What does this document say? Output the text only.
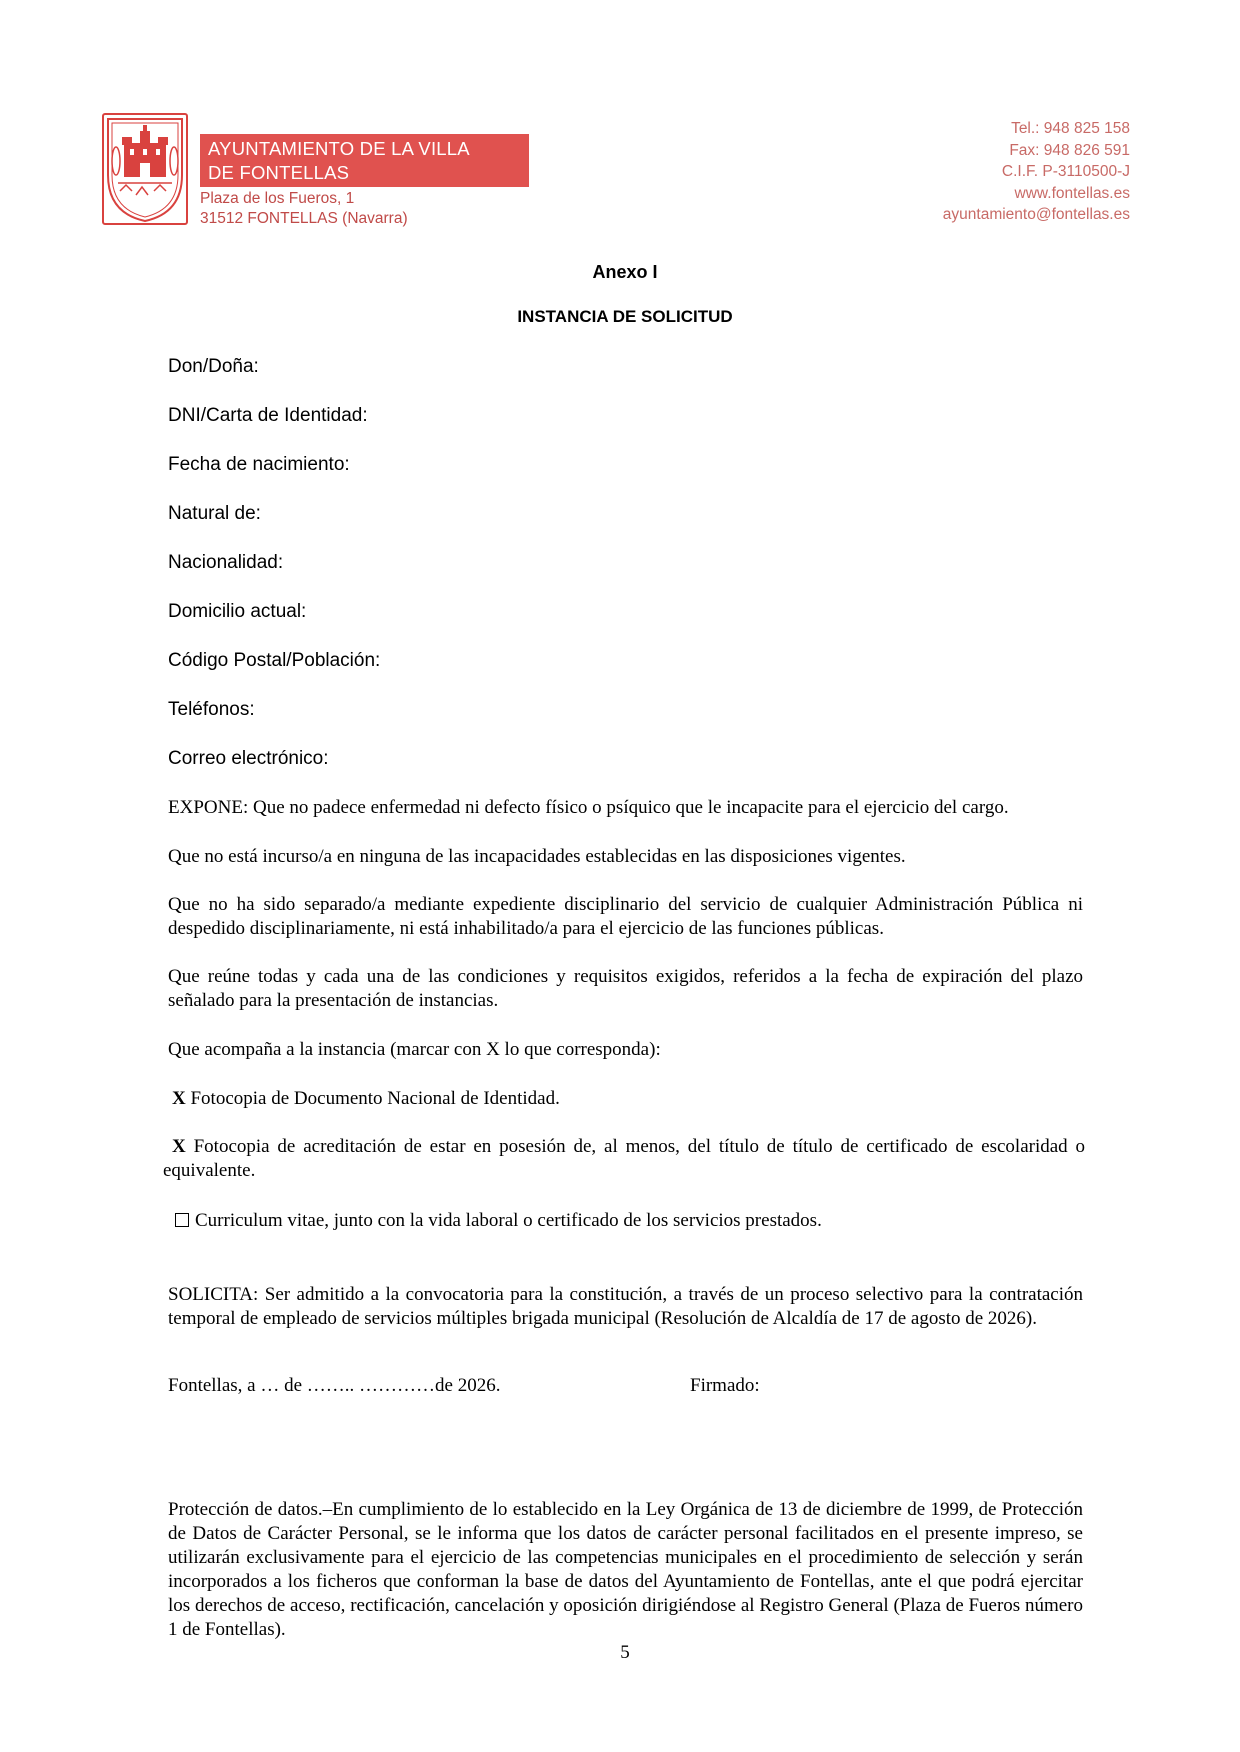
AYUNTAMIENTO DE LA VILLA
DE FONTELLAS
Plaza de los Fueros, 1
31512 FONTELLAS (Navarra)
Tel.: 948 825 158
Fax: 948 826 591
C.I.F. P-3110500-J
www.fontellas.es
ayuntamiento@fontellas.es
Anexo I
INSTANCIA DE SOLICITUD
Don/Doña:
DNI/Carta de Identidad:
Fecha de nacimiento:
Natural de:
Nacionalidad:
Domicilio actual:
Código Postal/Población:
Teléfonos:
Correo electrónico:
EXPONE: Que no padece enfermedad ni defecto físico o psíquico que le incapacite para el ejercicio del cargo.
Que no está incurso/a en ninguna de las incapacidades establecidas en las disposiciones vigentes.
Que no ha sido separado/a mediante expediente disciplinario del servicio de cualquier Administración Pública ni despedido disciplinariamente, ni está inhabilitado/a para el ejercicio de las funciones públicas.
Que reúne todas y cada una de las condiciones y requisitos exigidos, referidos a la fecha de expiración del plazo señalado para la presentación de instancias.
Que acompaña a la instancia (marcar con X lo que corresponda):
X Fotocopia de Documento Nacional de Identidad.
X Fotocopia de acreditación de estar en posesión de, al menos, del título de título de certificado de escolaridad o equivalente.
Curriculum vitae, junto con la vida laboral o certificado de los servicios prestados.
SOLICITA: Ser admitido a la convocatoria para la constitución, a través de un proceso selectivo para la contratación temporal de empleado de servicios múltiples brigada municipal (Resolución de Alcaldía de 17 de agosto de 2026).
Fontellas, a … de …….. …………de 2026.	Firmado:
Protección de datos.–En cumplimiento de lo establecido en la Ley Orgánica de 13 de diciembre de 1999, de Protección de Datos de Carácter Personal, se le informa que los datos de carácter personal facilitados en el presente impreso, se utilizarán exclusivamente para el ejercicio de las competencias municipales en el procedimiento de selección y serán incorporados a los ficheros que conforman la base de datos del Ayuntamiento de Fontellas, ante el que podrá ejercitar los derechos de acceso, rectificación, cancelación y oposición dirigiéndose al Registro General (Plaza de Fueros número 1 de Fontellas).
5
